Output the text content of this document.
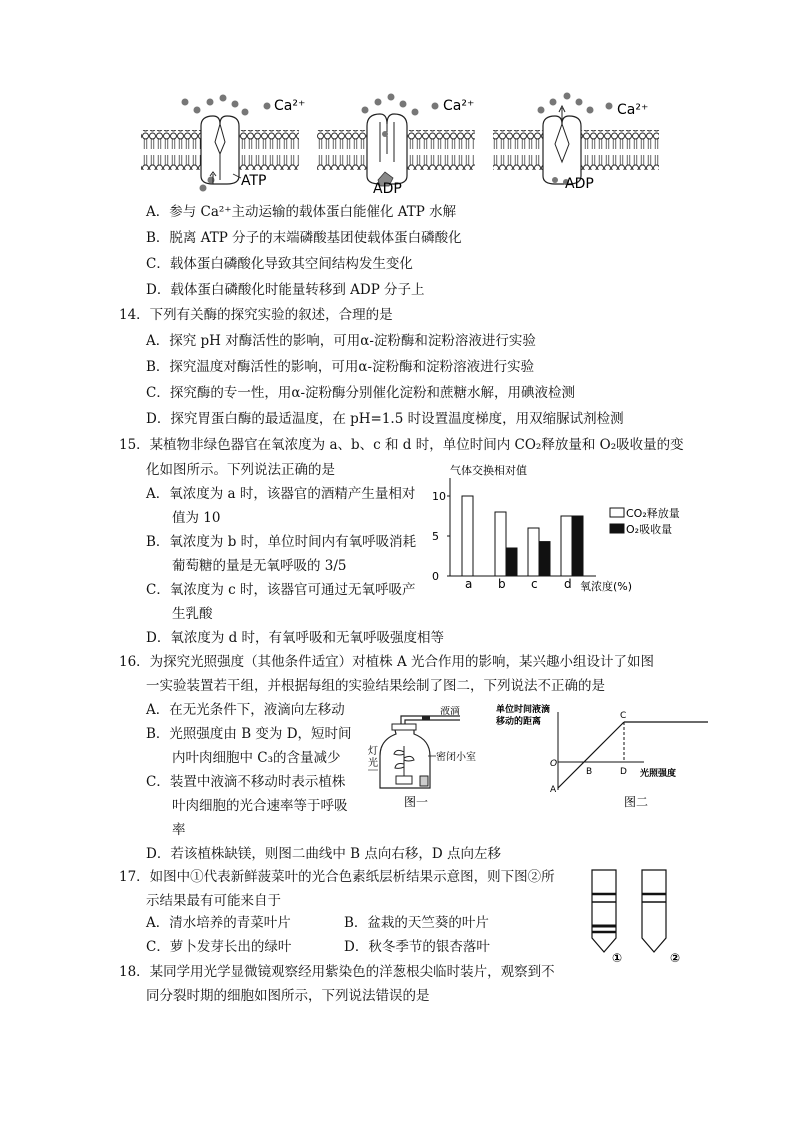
Ca²⁺
ATP
Ca²⁺
ADP
Ca²⁺
ADP
A．参与 Ca²⁺主动运输的载体蛋白能催化 ATP 水解
B．脱离 ATP 分子的末端磷酸基团使载体蛋白磷酸化
C．载体蛋白磷酸化导致其空间结构发生变化
D．载体蛋白磷酸化时能量转移到 ADP 分子上
14．下列有关酶的探究实验的叙述，合理的是
A．探究 pH 对酶活性的影响，可用α-淀粉酶和淀粉溶液进行实验
B．探究温度对酶活性的影响，可用α-淀粉酶和淀粉溶液进行实验
C．探究酶的专一性，用α-淀粉酶分别催化淀粉和蔗糖水解，用碘液检测
D．探究胃蛋白酶的最适温度，在 pH=1.5 时设置温度梯度，用双缩脲试剂检测
15．某植物非绿色器官在氧浓度为 a、b、c 和 d 时，单位时间内 CO₂释放量和 O₂吸收量的变
化如图所示。下列说法正确的是
A．氧浓度为 a 时，该器官的酒精产生量相对
值为 10
B．氧浓度为 b 时，单位时间内有氧呼吸消耗
葡萄糖的量是无氧呼吸的 3/5
C．氧浓度为 c 时，该器官可通过无氧呼吸产
生乳酸
D．氧浓度为 d 时，有氧呼吸和无氧呼吸强度相等
气体交换相对值
氧浓度(%)
0
5
10
a b c d
CO₂释放量
O₂吸收量
16．为探究光照强度（其他条件适宜）对植株 A 光合作用的影响，某兴趣小组设计了如图
一实验装置若干组，并根据每组的实验结果绘制了图二，下列说法不正确的是
A．在无光条件下，液滴向左移动
B．光照强度由 B 变为 D，短时间
内叶肉细胞中 C₃的含量减少
C．装置中液滴不移动时表示植株
叶肉细胞的光合速率等于呼吸
率
D．若该植株缺镁，则图二曲线中 B 点向右移，D 点向左移
液滴
密闭小室
灯
光
图一
单位时间液滴
移动的距离
O
A
B
C
D 光照强度
图二
17．如图中①代表新鲜菠菜叶的光合色素纸层析结果示意图，则下图②所
示结果最有可能来自于
A．清水培养的青菜叶片	B．盆栽的天竺葵的叶片
C．萝卜发芽长出的绿叶	D．秋冬季节的银杏落叶
①	②
18．某同学用光学显微镜观察经用紫染色的洋葱根尖临时装片，观察到不
同分裂时期的细胞如图所示，下列说法错误的是
